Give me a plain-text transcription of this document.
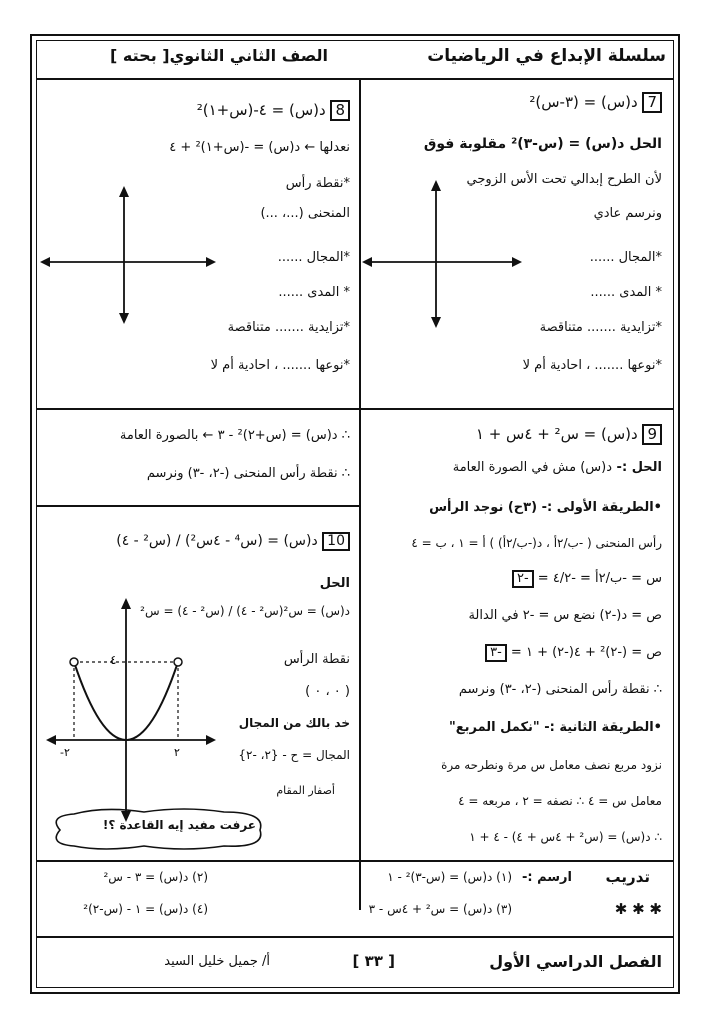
سلسلة الإبداع في الرياضيات
الصف الثاني الثانوي[ بحته ]
7 د(س) = (٣-س)²
الحل د(س) = (س-٣)² مقلوبة فوق
لأن الطرح إبدالي تحت الأس الزوجي
ونرسم عادي
*المجال ......
* المدى ......
*تزايدية ....... متناقصة
*نوعها ....... ، احادية أم لا
8 د(س) = ٤-(س+١)²
نعدلها ← د(س) = -(س+١)² + ٤
*نقطة رأس
المنحنى (...، ...)
*المجال ......
* المدى ......
*تزايدية ....... متناقصة
*نوعها ....... ، احادية أم لا
∴ د(س) = (س+٢)² - ٣ ← بالصورة العامة
∴ نقطة رأس المنحنى (-٢، -٣) ونرسم
9 د(س) = س² + ٤س + ١
الحل :- د(س) مش في الصورة العامة
•الطريقة الأولى :- (٣ح) نوجد الرأس
رأس المنحنى ( -ب/٢أ ، د(-ب/٢أ) ) أ = ١ ، ب = ٤
س = -ب/٢أ = -٤/٢ = -٢
ص = د(-٢) نضع س = -٢ في الدالة
ص = (-٢)² + ٤(-٢) + ١ = -٣
∴ نقطة رأس المنحنى (-٢، -٣) ونرسم
•الطريقة الثانية :- "نكمل المربع"
نزود مربع نصف معامل س مرة ونطرحه مرة
معامل س = ٤ ∴ نصفه = ٢ ، مربعه = ٤
∴ د(س) = (س² + ٤س + ٤) - ٤ + ١
10 د(س) = (س⁴ - ٤س²) / (س² - ٤)
الحل
د(س) = س²(س² - ٤) / (س² - ٤) = س²
نقطة الرأس
( ٠ ، ٠ )
خد بالك من المجال
المجال = ح - {٢، -٢}
أصفار المقام
٤
-٢	٢
عرفت مفيد إيه القاعدة ؟!
تدريب
✱ ✱ ✱
ارسم :-
(١) د(س) = (س-٣)² - ١
(٢) د(س) = ٣ - س²
(٣) د(س) = س² + ٤س - ٣
(٤) د(س) = ١ - (س-٢)²
الفصل الدراسي الأول
[ ٣٣ ]
أ/ جميل خليل السيد
